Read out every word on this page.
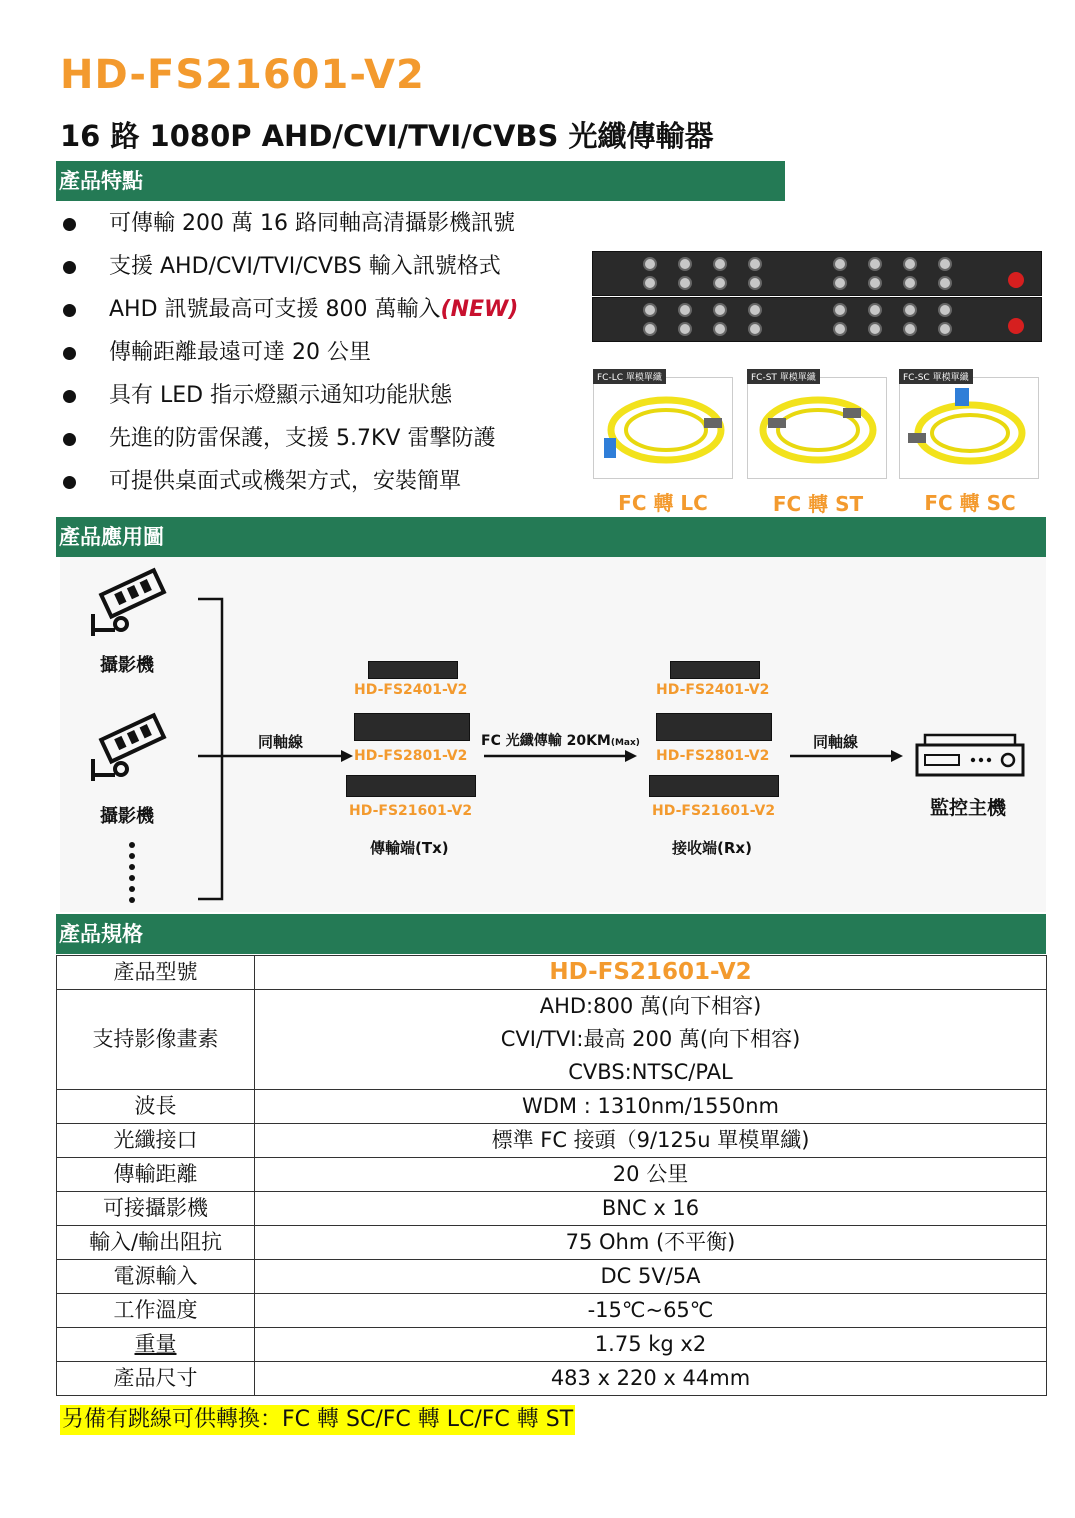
HD-FS21601-V2
16 路 1080P AHD/CVI/TVI/CVBS 光纖傳輸器
產品特點
可傳輸 200 萬 16 路同軸高清攝影機訊號
支援 AHD/CVI/TVI/CVBS 輸入訊號格式
AHD 訊號最高可支援 800 萬輸入(NEW)
傳輸距離最遠可達 20 公里
具有 LED 指示燈顯示通知功能狀態
先進的防雷保護，支援 5.7KV 雷擊防護
可提供桌面式或機架方式，安裝簡單
FC-LC 單模單纖	FC-ST 單模單纖	FC-SC 單模單纖
FC 轉 LC	FC 轉 ST	FC 轉 SC
產品應用圖
攝影機
攝影機
同軸線
HD-FS2401-V2
HD-FS2801-V2
HD-FS21601-V2
傳輸端(Tx)
FC 光纖傳輸 20KM(Max)
HD-FS2401-V2
HD-FS2801-V2
HD-FS21601-V2
接收端(Rx)
同軸線
監控主機
產品規格
產品型號	HD-FS21601-V2
支持影像畫素	AHD:800 萬(向下相容)
CVI/TVI:最高 200 萬(向下相容)
CVBS:NTSC/PAL

波長	WDM : 1310nm/1550nm
光纖接口	標準 FC 接頭（9/125u 單模單纖)
傳輸距離	20 公里
可接攝影機	BNC x 16
輸入/輸出阻抗	75 Ohm (不平衡)
電源輸入	DC 5V/5A
工作溫度	-15℃~65℃
重量	1.75 kg x2
產品尺寸	483 x 220 x 44mm
另備有跳線可供轉換：FC 轉 SC/FC 轉 LC/FC 轉 ST
